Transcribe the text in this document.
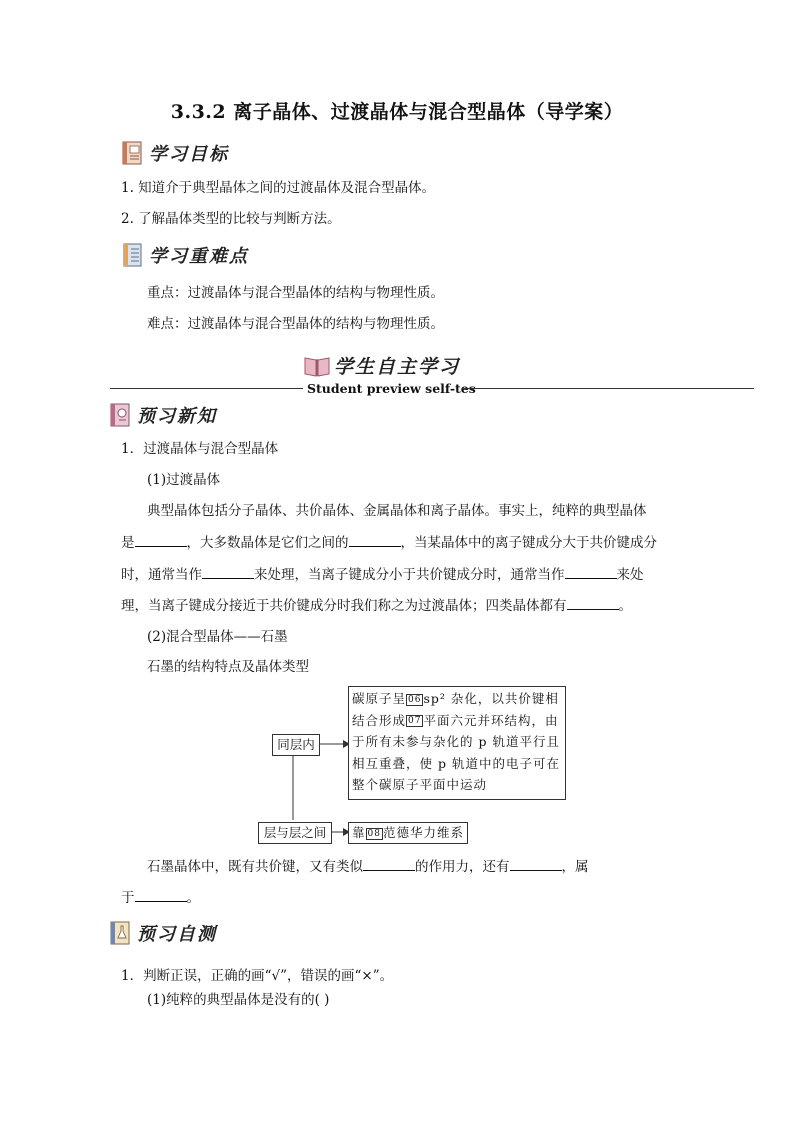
3.3.2 离子晶体、过渡晶体与混合型晶体（导学案）
学习目标
1. 知道介于典型晶体之间的过渡晶体及混合型晶体。
2. 了解晶体类型的比较与判断方法。
学习重难点
重点：过渡晶体与混合型晶体的结构与物理性质。
难点：过渡晶体与混合型晶体的结构与物理性质。
学生自主学习
Student preview self-tes
预习新知
1．过渡晶体与混合型晶体
(1)过渡晶体
典型晶体包括分子晶体、共价晶体、金属晶体和离子晶体。事实上，纯粹的典型晶体
是	，大多数晶体是它们之间的	，当某晶体中的离子键成分大于共价键成分
时，通常当作	来处理，当离子键成分小于共价键成分时，通常当作	来处
理，当离子键成分接近于共价键成分时我们称之为过渡晶体；四类晶体都有	。
(2)混合型晶体——石墨
石墨的结构特点及晶体类型
同层内
层与层之间
碳原子呈 06 sp² 杂化，以共价键相
结合形成 07 平面六元并环结构，由
于所有未参与杂化的 p 轨道平行且
相互重叠，使 p 轨道中的电子可在
整个碳原子平面中运动
靠 08 范德华力维系
石墨晶体中，既有共价键，又有类似	的作用力，还有	，属
于	。
预习自测
1．判断正误，正确的画“√”，错误的画“×”。
(1)纯粹的典型晶体是没有的( )
